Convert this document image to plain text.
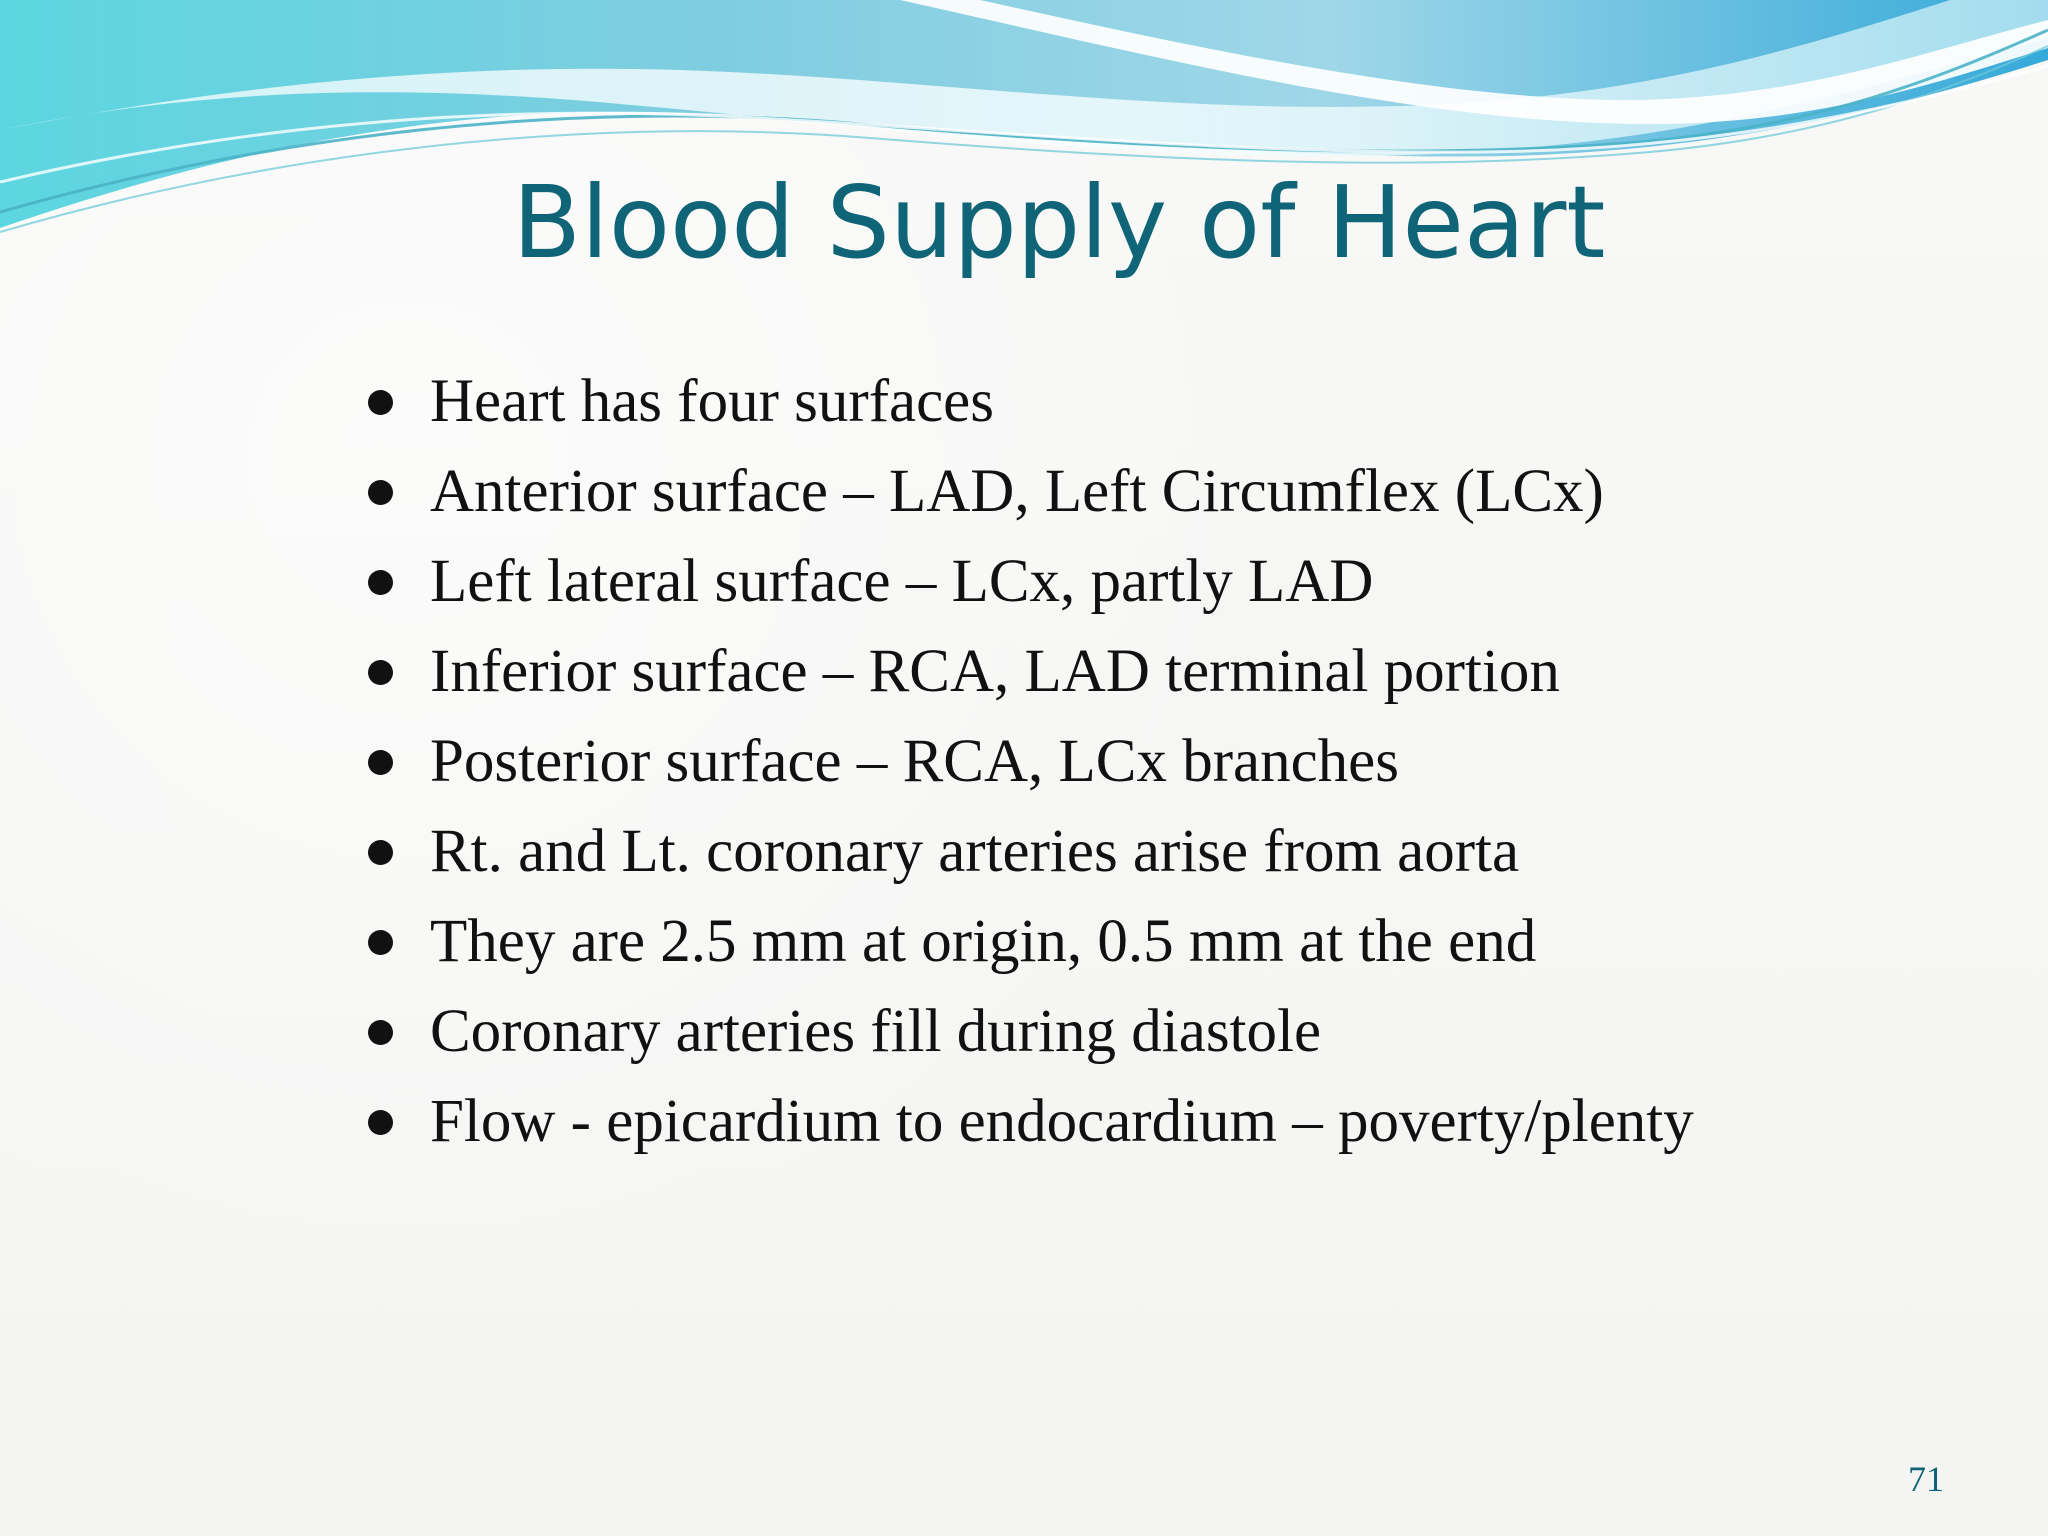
Blood Supply of Heart
Heart has four surfaces
Anterior surface – LAD, Left Circumflex (LCx)
Left lateral surface – LCx, partly LAD
Inferior surface – RCA, LAD terminal portion
Posterior surface – RCA, LCx branches
Rt. and Lt. coronary arteries arise from aorta
They are 2.5 mm at origin, 0.5 mm at the end
Coronary arteries fill during diastole
Flow - epicardium to endocardium – poverty/plenty
71
